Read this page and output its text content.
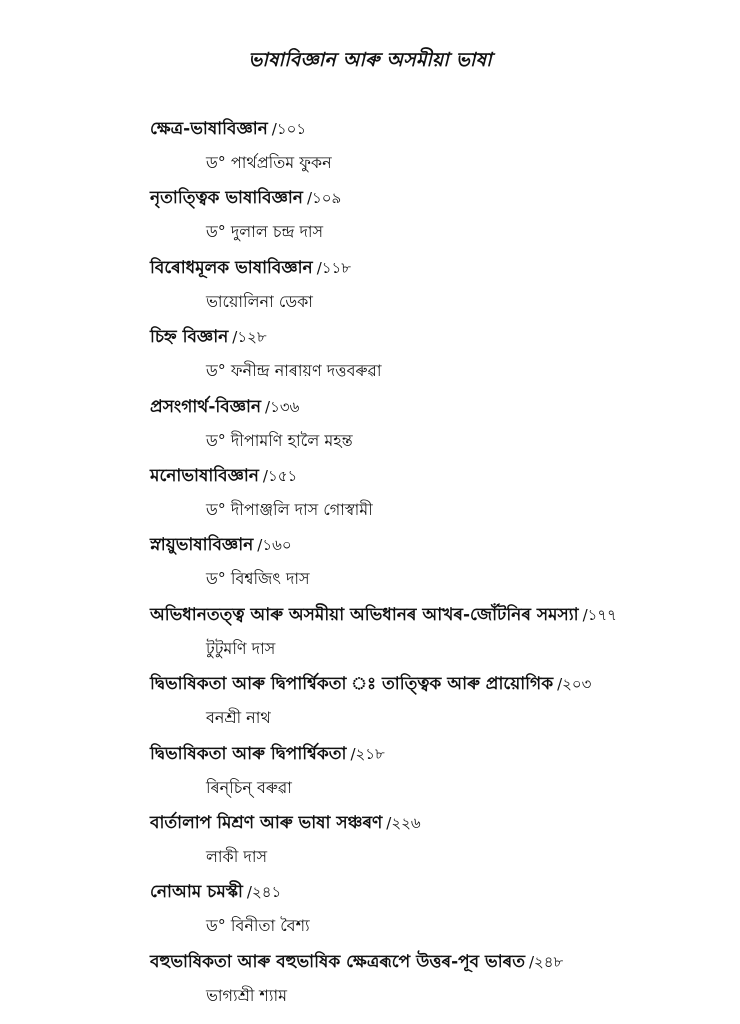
ভাষাবিজ্ঞান আৰু অসমীয়া ভাষা
ক্ষেত্ৰ-ভাষাবিজ্ঞান /১০১
ড° পাৰ্থপ্ৰতিম ফুকন
নৃতাত্ত্বিক ভাষাবিজ্ঞান /১০৯
ড° দুলাল চন্দ্ৰ দাস
বিৰোধমূলক ভাষাবিজ্ঞান /১১৮
ভায়োলিনা ডেকা
চিহ্ন বিজ্ঞান /১২৮
ড° ফনীন্দ্ৰ নাৰায়ণ দত্তবৰুৱা
প্ৰসংগাৰ্থ-বিজ্ঞান /১৩৬
ড° দীপামণি হালৈ মহন্ত
মনোভাষাবিজ্ঞান /১৫১
ড° দীপাঞ্জলি দাস গোস্বামী
স্নায়ুভাষাবিজ্ঞান /১৬০
ড° বিশ্বজিৎ দাস
অভিধানতত্ত্ব আৰু অসমীয়া অভিধানৰ আখৰ-জোঁটনিৰ সমস্যা /১৭৭
টুটুমণি দাস
দ্বিভাষিকতা আৰু দ্বিপাৰ্শ্বিকতা ঃ তাত্ত্বিক আৰু প্ৰায়োগিক /২০৩
বনশ্ৰী নাথ
দ্বিভাষিকতা আৰু দ্বিপাৰ্শ্বিকতা /২১৮
ৰিন্‌চিন্ বৰুৱা
বাৰ্তালাপ মিশ্ৰণ আৰু ভাষা সঞ্চৰণ /২২৬
লাকী দাস
নোআম চমস্কী /২৪১
ড° বিনীতা বৈশ্য
বহুভাষিকতা আৰু বহুভাষিক ক্ষেত্ৰৰূপে উত্তৰ-পূব ভাৰত /২৪৮
ভাগ্যশ্ৰী শ্যাম
